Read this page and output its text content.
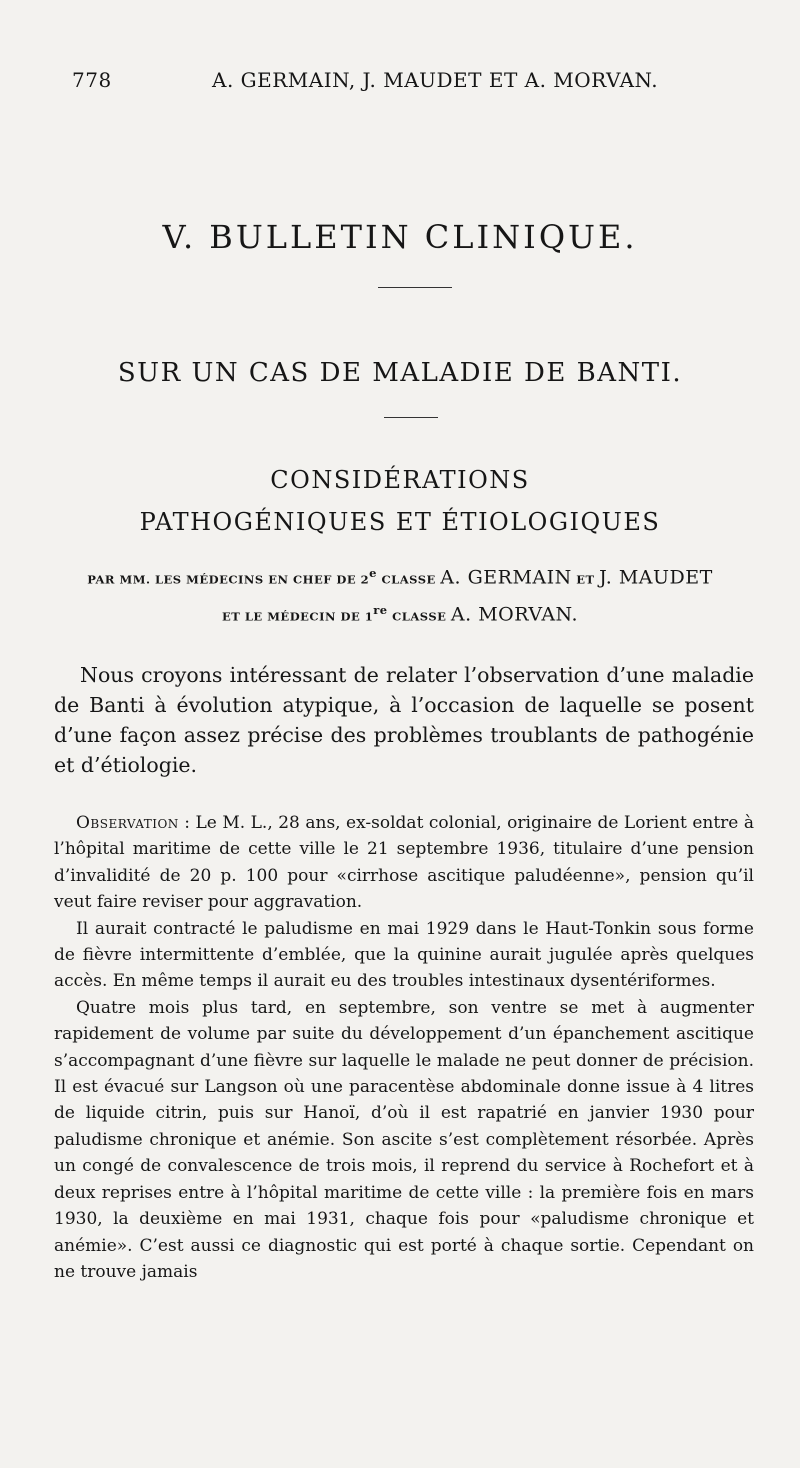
778	A. GERMAIN, J. MAUDET ET A. MORVAN.
V. BULLETIN CLINIQUE.
SUR UN CAS DE MALADIE DE BANTI.
CONSIDÉRATIONS
PATHOGÉNIQUES ET ÉTIOLOGIQUES
PAR MM. LES MÉDECINS EN CHEF DE 2e CLASSE A. GERMAIN ET J. MAUDET
ET LE MÉDECIN DE 1re CLASSE A. MORVAN.

Nous croyons intéressant de relater l’observation d’une maladie de Banti à évolution atypique, à l’occasion de laquelle se posent d’une façon assez précise des problèmes troublants de pathogénie et d’étiologie.

Observation : Le M. L., 28 ans, ex-soldat colonial, originaire de Lorient entre à l’hôpital maritime de cette ville le 21 septembre 1936, titulaire d’une pension d’invalidité de 20 p. 100 pour «cirrhose ascitique paludéenne», pension qu’il veut faire reviser pour aggravation.

Il aurait contracté le paludisme en mai 1929 dans le Haut-Tonkin sous forme de fièvre intermittente d’emblée, que la quinine aurait jugulée après quelques accès. En même temps il aurait eu des troubles intestinaux dysentériformes.

Quatre mois plus tard, en septembre, son ventre se met à augmenter rapidement de volume par suite du développement d’un épanchement ascitique s’accompagnant d’une fièvre sur laquelle le malade ne peut donner de précision. Il est évacué sur Langson où une paracentèse abdominale donne issue à 4 litres de liquide citrin, puis sur Hanoï, d’où il est rapatrié en janvier 1930 pour paludisme chronique et anémie. Son ascite s’est complètement résorbée. Après un congé de convalescence de trois mois, il reprend du service à Rochefort et à deux reprises entre à l’hôpital maritime de cette ville : la première fois en mars 1930, la deuxième en mai 1931, chaque fois pour «paludisme chronique et anémie». C’est aussi ce diagnostic qui est porté à chaque sortie. Cependant on ne trouve jamais
